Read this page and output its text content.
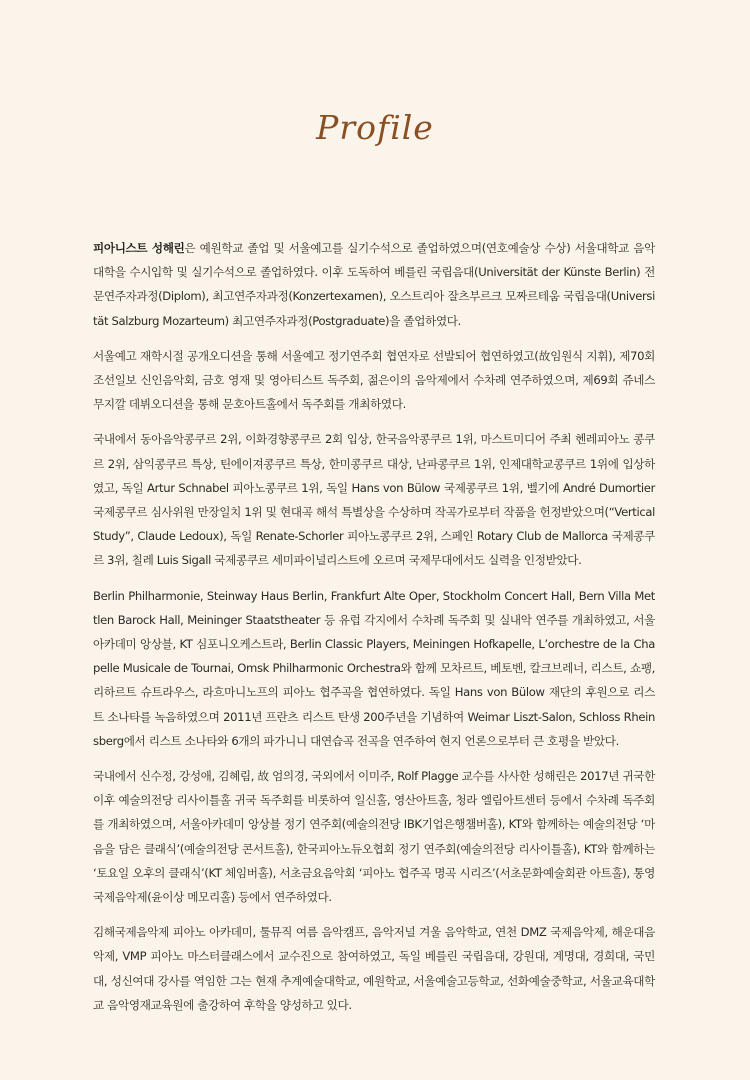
Profile

피아니스트 성해린은 예원학교 졸업 및 서울예고를 실기수석으로 졸업하였으며(연호예술상 수상) 서울대학교 음악대학을 수시입학 및 실기수석으로 졸업하였다. 이후 도독하여 베를린 국립음대(Universität der Künste Berlin) 전문연주자과정(Diplom), 최고연주자과정(Konzertexamen), 오스트리아 잘츠부르크 모짜르테움 국립음대(Universität Salzburg Mozarteum) 최고연주자과정(Postgraduate)을 졸업하였다.

서울예고 재학시절 공개오디션을 통해 서울예고 정기연주회 협연자로 선발되어 협연하였고(故임원식 지휘), 제70회 조선일보 신인음악회, 금호 영재 및 영아티스트 독주회, 젊은이의 음악제에서 수차례 연주하였으며, 제69회 쥬네스 무지깔 데뷔오디션을 통해 문호아트홀에서 독주회를 개최하였다.

국내에서 동아음악콩쿠르 2위, 이화경향콩쿠르 2회 입상, 한국음악콩쿠르 1위, 마스트미디어 주최 헨레피아노 콩쿠르 2위, 삼익콩쿠르 특상, 틴에이져콩쿠르 특상, 한미콩쿠르 대상, 난파콩쿠르 1위, 인제대학교콩쿠르 1위에 입상하였고, 독일 Artur Schnabel 피아노콩쿠르 1위, 독일 Hans von Bülow 국제콩쿠르 1위, 벨기에 André Dumortier 국제콩쿠르 심사위원 만장일치 1위 및 현대곡 해석 특별상을 수상하며 작곡가로부터 작품을 헌정받았으며(“Vertical Study”, Claude Ledoux), 독일 Renate-Schorler 피아노콩쿠르 2위, 스페인 Rotary Club de Mallorca 국제콩쿠르 3위, 칠레 Luis Sigall 국제콩쿠르 세미파이널리스트에 오르며 국제무대에서도 실력을 인정받았다.

Berlin Philharmonie, Steinway Haus Berlin, Frankfurt Alte Oper, Stockholm Concert Hall, Bern Villa Mettlen Barock Hall, Meininger Staatstheater 등 유럽 각지에서 수차례 독주회 및 실내악 연주를 개최하였고, 서울아카데미 앙상블, KT 심포니오케스트라, Berlin Classic Players, Meiningen Hofkapelle, L’orchestre de la Chapelle Musicale de Tournai, Omsk Philharmonic Orchestra와 함께 모차르트, 베토벤, 칼크브레너, 리스트, 쇼팽, 리하르트 슈트라우스, 라흐마니노프의 피아노 협주곡을 협연하였다. 독일 Hans von Bülow 재단의 후원으로 리스트 소나타를 녹음하였으며 2011년 프란츠 리스트 탄생 200주년을 기념하여 Weimar Liszt-Salon, Schloss Rheinsberg에서 리스트 소나타와 6개의 파가니니 대연습곡 전곡을 연주하여 현지 언론으로부터 큰 호평을 받았다.

국내에서 신수정, 강성애, 김혜림, 故 엄의경, 국외에서 이미주, Rolf Plagge 교수를 사사한 성해린은 2017년 귀국한 이후 예술의전당 리사이틀홀 귀국 독주회를 비롯하여 일신홀, 영산아트홀, 청라 엘림아트센터 등에서 수차례 독주회를 개최하였으며, 서울아카데미 앙상블 정기 연주회(예술의전당 IBK기업은행챔버홀), KT와 함께하는 예술의전당 ‘마음을 담은 클래식’(예술의전당 콘서트홀), 한국피아노듀오협회 정기 연주회(예술의전당 리사이틀홀), KT와 함께하는 ‘토요일 오후의 클래식’(KT 체임버홀), 서초금요음악회 ‘피아노 협주곡 명곡 시리즈’(서초문화예술회관 아트홀), 통영국제음악제(윤이상 메모리홀) 등에서 연주하였다.

김해국제음악제 피아노 아카데미, 툴뮤직 여름 음악캠프, 음악저널 겨울 음악학교, 연천 DMZ 국제음악제, 해운대음악제, VMP 피아노 마스터클래스에서 교수진으로 참여하였고, 독일 베를린 국립음대, 강원대, 계명대, 경희대, 국민대, 성신여대 강사를 역임한 그는 현재 추계예술대학교, 예원학교, 서울예술고등학교, 선화예술중학교, 서울교육대학교 음악영재교육원에 출강하여 후학을 양성하고 있다.
